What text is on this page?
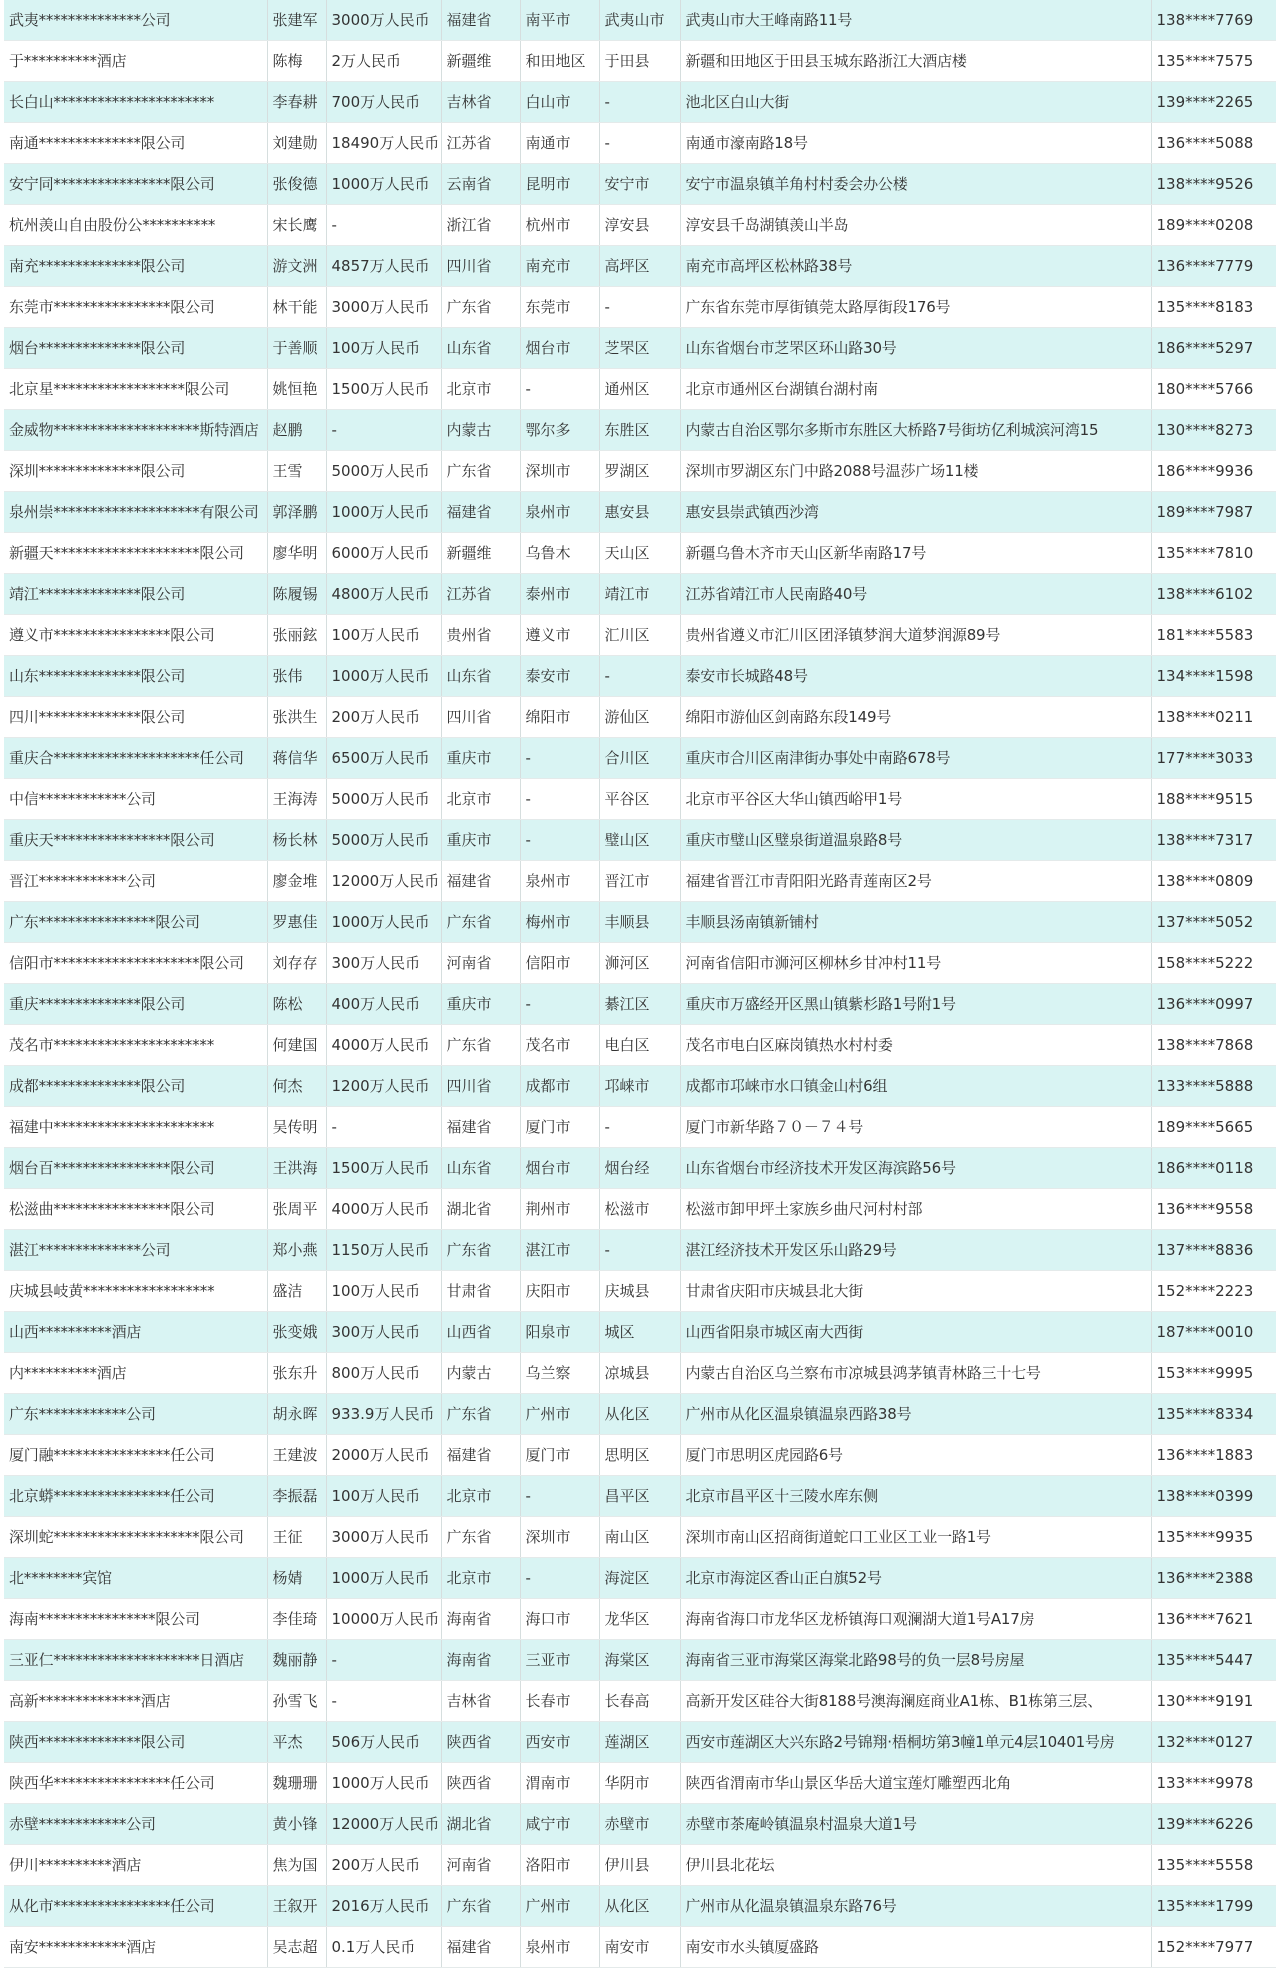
武夷**************公司	张建军	3000万人民币	福建省	南平市	武夷山市	武夷山市大王峰南路11号	138****7769
于**********酒店	陈梅	2万人民币	新疆维	和田地区	于田县	新疆和田地区于田县玉城东路浙江大酒店楼	135****7575
长白山**********************	李春耕	700万人民币	吉林省	白山市	-	池北区白山大街	139****2265
南通**************限公司	刘建勋	18490万人民币	江苏省	南通市	-	南通市濠南路18号	136****5088
安宁同****************限公司	张俊德	1000万人民币	云南省	昆明市	安宁市	安宁市温泉镇羊角村村委会办公楼	138****9526
杭州羡山自由股份公**********	宋长鹰	-	浙江省	杭州市	淳安县	淳安县千岛湖镇羡山半岛	189****0208
南充**************限公司	游文洲	4857万人民币	四川省	南充市	高坪区	南充市高坪区松林路38号	136****7779
东莞市****************限公司	林干能	3000万人民币	广东省	东莞市	-	广东省东莞市厚街镇莞太路厚街段176号	135****8183
烟台**************限公司	于善顺	100万人民币	山东省	烟台市	芝罘区	山东省烟台市芝罘区环山路30号	186****5297
北京星******************限公司	姚恒艳	1500万人民币	北京市	-	通州区	北京市通州区台湖镇台湖村南	180****5766
金威物********************斯特酒店	赵鹏	-	内蒙古	鄂尔多	东胜区	内蒙古自治区鄂尔多斯市东胜区大桥路7号街坊亿利城滨河湾15	130****8273
深圳**************限公司	王雪	5000万人民币	广东省	深圳市	罗湖区	深圳市罗湖区东门中路2088号温莎广场11楼	186****9936
泉州崇********************有限公司	郭泽鹏	1000万人民币	福建省	泉州市	惠安县	惠安县崇武镇西沙湾	189****7987
新疆天********************限公司	廖华明	6000万人民币	新疆维	乌鲁木	天山区	新疆乌鲁木齐市天山区新华南路17号	135****7810
靖江**************限公司	陈履锡	4800万人民币	江苏省	泰州市	靖江市	江苏省靖江市人民南路40号	138****6102
遵义市****************限公司	张丽鉉	100万人民币	贵州省	遵义市	汇川区	贵州省遵义市汇川区团泽镇梦润大道梦润源89号	181****5583
山东**************限公司	张伟	1000万人民币	山东省	泰安市	-	泰安市长城路48号	134****1598
四川**************限公司	张洪生	200万人民币	四川省	绵阳市	游仙区	绵阳市游仙区剑南路东段149号	138****0211
重庆合********************任公司	蒋信华	6500万人民币	重庆市	-	合川区	重庆市合川区南津街办事处中南路678号	177****3033
中信************公司	王海涛	5000万人民币	北京市	-	平谷区	北京市平谷区大华山镇西峪甲1号	188****9515
重庆天****************限公司	杨长林	5000万人民币	重庆市	-	璧山区	重庆市璧山区璧泉街道温泉路8号	138****7317
晋江************公司	廖金堆	12000万人民币	福建省	泉州市	晋江市	福建省晋江市青阳阳光路青莲南区2号	138****0809
广东****************限公司	罗惠佳	1000万人民币	广东省	梅州市	丰顺县	丰顺县汤南镇新铺村	137****5052
信阳市********************限公司	刘存存	300万人民币	河南省	信阳市	浉河区	河南省信阳市浉河区柳林乡甘冲村11号	158****5222
重庆**************限公司	陈松	400万人民币	重庆市	-	綦江区	重庆市万盛经开区黑山镇紫杉路1号附1号	136****0997
茂名市**********************	何建国	4000万人民币	广东省	茂名市	电白区	茂名市电白区麻岗镇热水村村委	138****7868
成都**************限公司	何杰	1200万人民币	四川省	成都市	邛崃市	成都市邛崃市水口镇金山村6组	133****5888
福建中**********************	吴传明	-	福建省	厦门市	-	厦门市新华路７０－７４号	189****5665
烟台百****************限公司	王洪海	1500万人民币	山东省	烟台市	烟台经	山东省烟台市经济技术开发区海滨路56号	186****0118
松滋曲****************限公司	张周平	4000万人民币	湖北省	荆州市	松滋市	松滋市卸甲坪土家族乡曲尺河村村部	136****9558
湛江**************公司	郑小燕	1150万人民币	广东省	湛江市	-	湛江经济技术开发区乐山路29号	137****8836
庆城县岐黄******************	盛洁	100万人民币	甘肃省	庆阳市	庆城县	甘肃省庆阳市庆城县北大街	152****2223
山西**********酒店	张变娥	300万人民币	山西省	阳泉市	城区	山西省阳泉市城区南大西街	187****0010
内**********酒店	张东升	800万人民币	内蒙古	乌兰察	凉城县	内蒙古自治区乌兰察布市凉城县鸿茅镇青林路三十七号	153****9995
广东************公司	胡永晖	933.9万人民币	广东省	广州市	从化区	广州市从化区温泉镇温泉西路38号	135****8334
厦门融****************任公司	王建波	2000万人民币	福建省	厦门市	思明区	厦门市思明区虎园路6号	136****1883
北京蟒****************任公司	李振磊	100万人民币	北京市	-	昌平区	北京市昌平区十三陵水库东侧	138****0399
深圳蛇********************限公司	王征	3000万人民币	广东省	深圳市	南山区	深圳市南山区招商街道蛇口工业区工业一路1号	135****9935
北********宾馆	杨婧	1000万人民币	北京市	-	海淀区	北京市海淀区香山正白旗52号	136****2388
海南****************限公司	李佳琦	10000万人民币	海南省	海口市	龙华区	海南省海口市龙华区龙桥镇海口观澜湖大道1号A17房	136****7621
三亚仁********************日酒店	魏丽静	-	海南省	三亚市	海棠区	海南省三亚市海棠区海棠北路98号的负一层8号房屋	135****5447
高新**************酒店	孙雪飞	-	吉林省	长春市	长春高	高新开发区硅谷大街8188号澳海澜庭商业A1栋、B1栋第三层、	130****9191
陕西**************限公司	平杰	506万人民币	陕西省	西安市	莲湖区	西安市莲湖区大兴东路2号锦翔·梧桐坊第3幢1单元4层10401号房	132****0127
陕西华****************任公司	魏珊珊	1000万人民币	陕西省	渭南市	华阴市	陕西省渭南市华山景区华岳大道宝莲灯雕塑西北角	133****9978
赤壁************公司	黄小锋	12000万人民币	湖北省	咸宁市	赤壁市	赤壁市茶庵岭镇温泉村温泉大道1号	139****6226
伊川**********酒店	焦为国	200万人民币	河南省	洛阳市	伊川县	伊川县北花坛	135****5558
从化市****************任公司	王叙开	2016万人民币	广东省	广州市	从化区	广州市从化温泉镇温泉东路76号	135****1799
南安************酒店	吴志超	0.1万人民币	福建省	泉州市	南安市	南安市水头镇厦盛路	152****7977
